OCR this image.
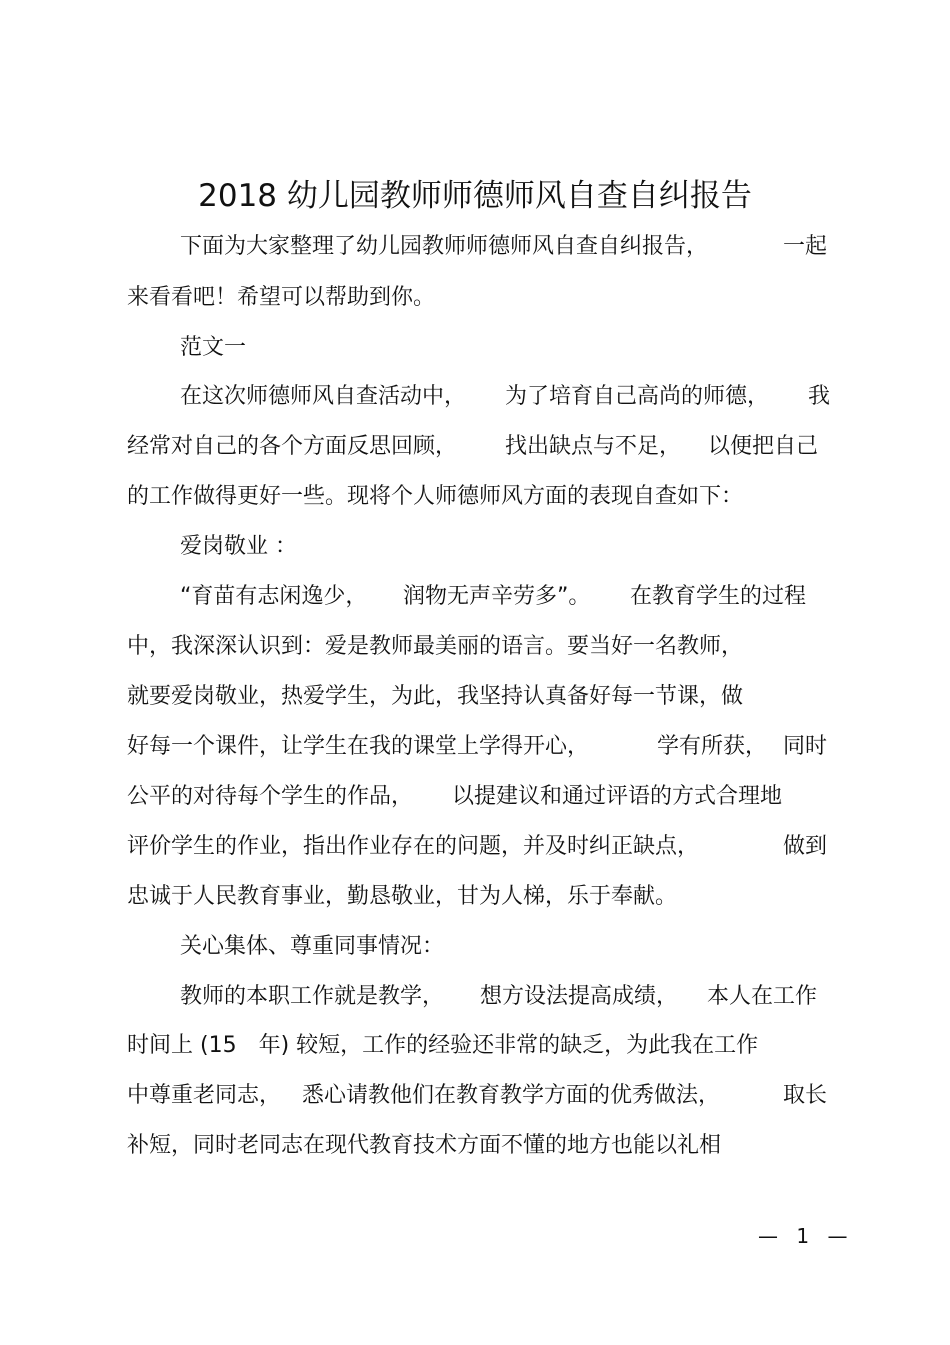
2018 幼儿园教师师德师风自查自纠报告
下面为大家整理了幼儿园教师师德师风自查自纠报告，	一起
来看看吧！希望可以帮助到你。
范文一
在这次师德师风自查活动中， 为了培育自己高尚的师德， 我
经常对自己的各个方面反思回顾， 找出缺点与不足， 以便把自己
的工作做得更好一些。现将个人师德师风方面的表现自查如下：
爱岗敬业 ：
“育苗有志闲逸少， 润物无声辛劳多”。 在教育学生的过程
中，我深深认识到：爱是教师最美丽的语言。要当好一名教师，
就要爱岗敬业，热爱学生，为此，我坚持认真备好每一节课，做
好每一个课件，让学生在我的课堂上学得开心，	学有所获， 同时
公平的对待每个学生的作品， 以提建议和通过评语的方式合理地
评价学生的作业，指出作业存在的问题，并及时纠正缺点，	做到
忠诚于人民教育事业，勤恳敬业，甘为人梯，乐于奉献。
关心集体、尊重同事情况：
教师的本职工作就是教学， 想方设法提高成绩， 本人在工作
时间上 (15　年) 较短，工作的经验还非常的缺乏，为此我在工作
中尊重老同志， 悉心请教他们在教育教学方面的优秀做法，	取长
补短，同时老同志在现代教育技术方面不懂的地方也能以礼相
— 1 —
